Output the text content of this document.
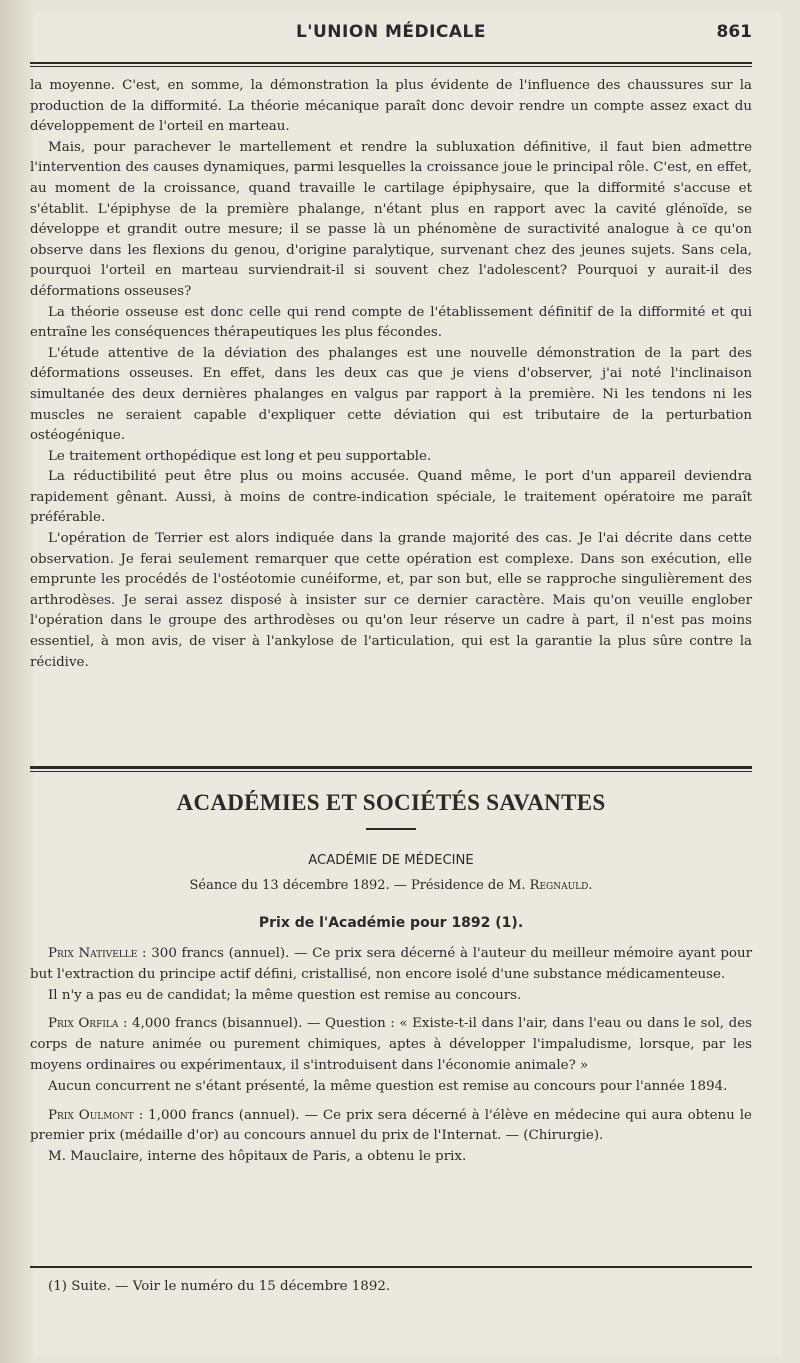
L'UNION MÉDICALE	861

la moyenne. C'est, en somme, la démonstration la plus évidente de l'influence des chaussures sur la production de la difformité. La théorie mécanique paraît donc devoir rendre un compte assez exact du développement de l'orteil en marteau.

Mais, pour parachever le martellement et rendre la subluxation définitive, il faut bien admettre l'intervention des causes dynamiques, parmi lesquelles la croissance joue le principal rôle. C'est, en effet, au moment de la croissance, quand travaille le cartilage épiphysaire, que la difformité s'accuse et s'établit. L'épiphyse de la première phalange, n'étant plus en rapport avec la cavité glénoïde, se développe et grandit outre mesure; il se passe là un phénomène de suractivité analogue à ce qu'on observe dans les flexions du genou, d'origine paralytique, survenant chez des jeunes sujets. Sans cela, pourquoi l'orteil en marteau surviendrait-il si souvent chez l'adolescent? Pourquoi y aurait-il des déformations osseuses?

La théorie osseuse est donc celle qui rend compte de l'établissement définitif de la difformité et qui entraîne les conséquences thérapeutiques les plus fécondes.

L'étude attentive de la déviation des phalanges est une nouvelle démonstration de la part des déformations osseuses. En effet, dans les deux cas que je viens d'observer, j'ai noté l'inclinaison simultanée des deux dernières phalanges en valgus par rapport à la première. Ni les tendons ni les muscles ne seraient capable d'expliquer cette déviation qui est tributaire de la perturbation ostéogénique.

Le traitement orthopédique est long et peu supportable.

La réductibilité peut être plus ou moins accusée. Quand même, le port d'un appareil deviendra rapidement gênant. Aussi, à moins de contre-indication spéciale, le traitement opératoire me paraît préférable.

L'opération de Terrier est alors indiquée dans la grande majorité des cas. Je l'ai décrite dans cette observation. Je ferai seulement remarquer que cette opération est complexe. Dans son exécution, elle emprunte les procédés de l'ostéotomie cunéiforme, et, par son but, elle se rapproche singulièrement des arthrodèses. Je serai assez disposé à insister sur ce dernier caractère. Mais qu'on veuille englober l'opération dans le groupe des arthrodèses ou qu'on leur réserve un cadre à part, il n'est pas moins essentiel, à mon avis, de viser à l'ankylose de l'articulation, qui est la garantie la plus sûre contre la récidive.

ACADÉMIES ET SOCIÉTÉS SAVANTES
ACADÉMIE DE MÉDECINE
Séance du 13 décembre 1892. — Présidence de M. Regnauld.
Prix de l'Académie pour 1892 (1).

Prix Nativelle : 300 francs (annuel). — Ce prix sera décerné à l'auteur du meilleur mémoire ayant pour but l'extraction du principe actif défini, cristallisé, non encore isolé d'une substance médicamenteuse.

Il n'y a pas eu de candidat; la même question est remise au concours.

Prix Orfila : 4,000 francs (bisannuel). — Question : « Existe-t-il dans l'air, dans l'eau ou dans le sol, des corps de nature animée ou purement chimiques, aptes à développer l'impaludisme, lorsque, par les moyens ordinaires ou expérimentaux, il s'introduisent dans l'économie animale? »

Aucun concurrent ne s'étant présenté, la même question est remise au concours pour l'année 1894.

Prix Oulmont : 1,000 francs (annuel). — Ce prix sera décerné à l'élève en médecine qui aura obtenu le premier prix (médaille d'or) au concours annuel du prix de l'Internat. — (Chirurgie).

M. Mauclaire, interne des hôpitaux de Paris, a obtenu le prix.

(1) Suite. — Voir le numéro du 15 décembre 1892.
